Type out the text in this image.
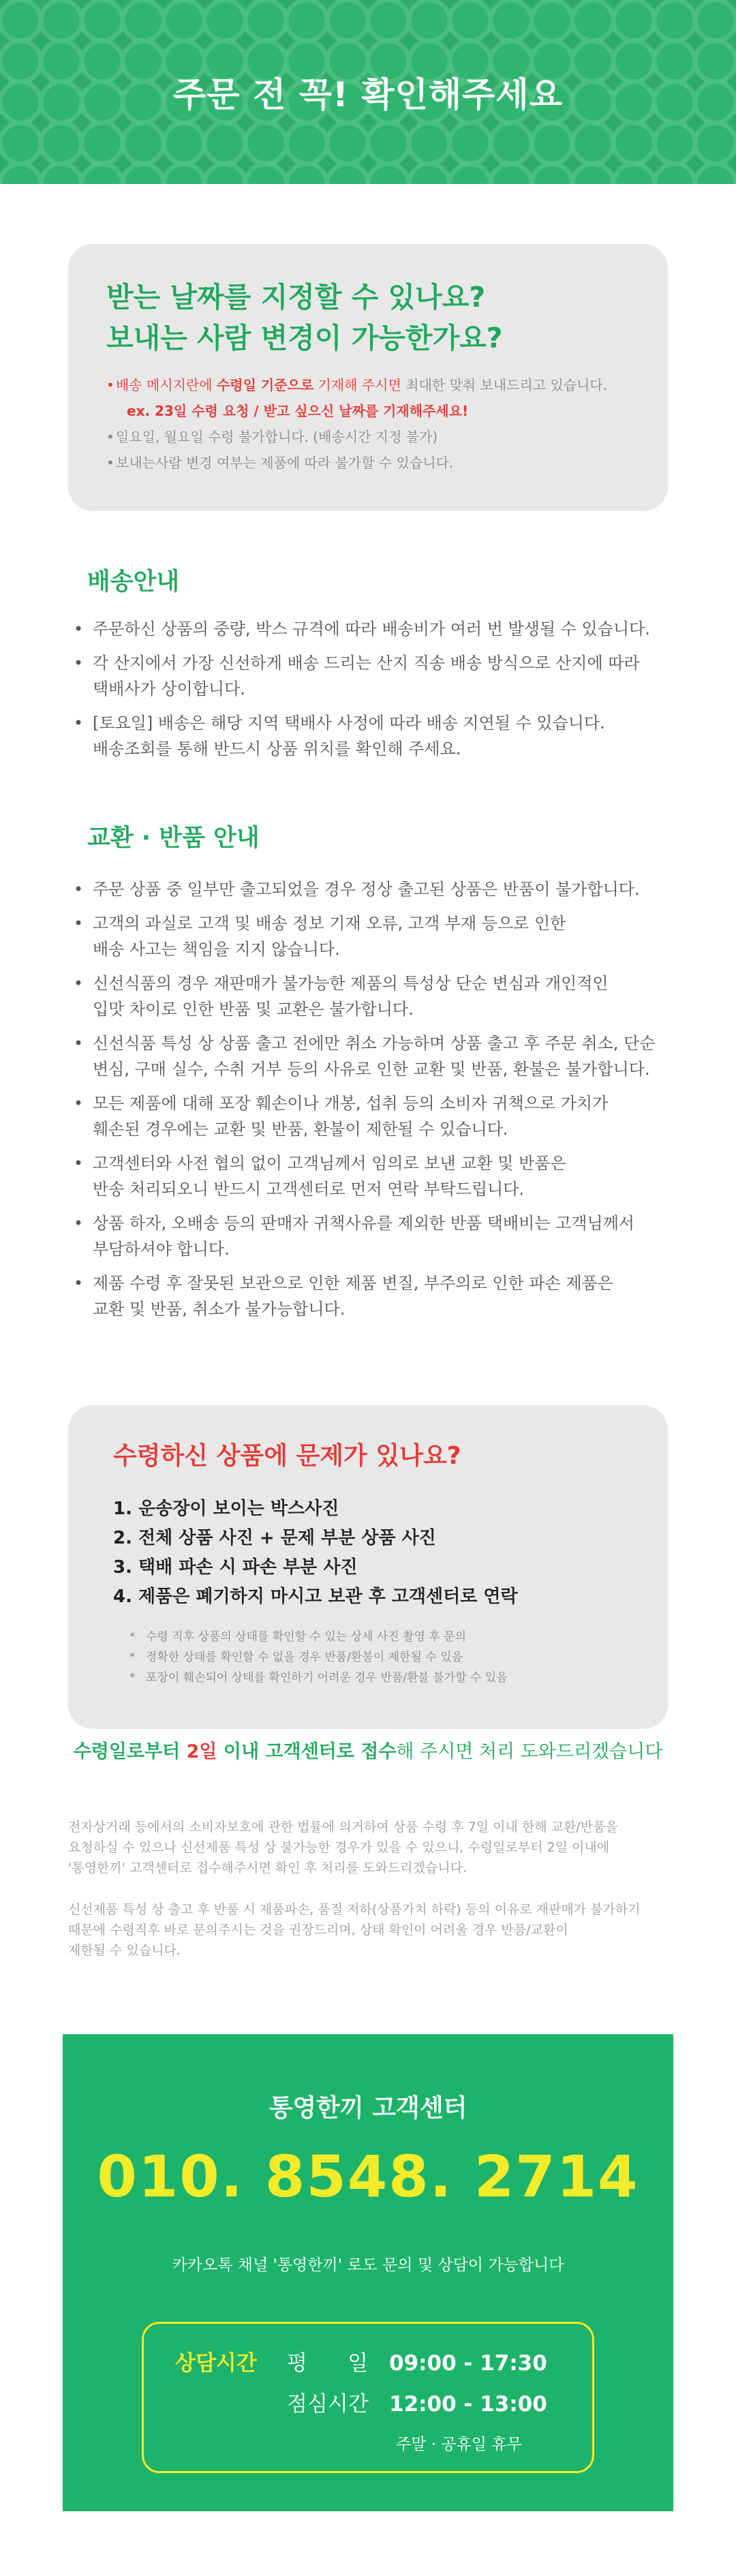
주문 전 꼭! 확인해주세요
받는 날짜를 지정할 수 있나요?
보내는 사람 변경이 가능한가요?
• 배송 메시지란에 수령일 기준으로 기재해 주시면 최대한 맞춰 보내드리고 있습니다.
ex. 23일 수령 요청 / 받고 싶으신 날짜를 기재해주세요!
• 일요일, 월요일 수령 불가합니다. (배송시간 지정 불가)
• 보내는사람 변경 여부는 제품에 따라 불가할 수 있습니다.
배송안내
• 주문하신 상품의 중량, 박스 규격에 따라 배송비가 여러 번 발생될 수 있습니다.
• 각 산지에서 가장 신선하게 배송 드리는 산지 직송 배송 방식으로 산지에 따라
택배사가 상이합니다.
• [토요일] 배송은 해당 지역 택배사 사정에 따라 배송 지연될 수 있습니다.
배송조회를 통해 반드시 상품 위치를 확인해 주세요.
교환 · 반품 안내
• 주문 상품 중 일부만 출고되었을 경우 정상 출고된 상품은 반품이 불가합니다.
• 고객의 과실로 고객 및 배송 정보 기재 오류, 고객 부재 등으로 인한
배송 사고는 책임을 지지 않습니다.
• 신선식품의 경우 재판매가 불가능한 제품의 특성상 단순 변심과 개인적인
입맛 차이로 인한 반품 및 교환은 불가합니다.
• 신선식품 특성 상 상품 출고 전에만 취소 가능하며 상품 출고 후 주문 취소, 단순
변심, 구매 실수, 수취 거부 등의 사유로 인한 교환 및 반품, 환불은 불가합니다.
• 모든 제품에 대해 포장 훼손이나 개봉, 섭취 등의 소비자 귀책으로 가치가
훼손된 경우에는 교환 및 반품, 환불이 제한될 수 있습니다.
• 고객센터와 사전 협의 없이 고객님께서 임의로 보낸 교환 및 반품은
반송 처리되오니 반드시 고객센터로 먼저 연락 부탁드립니다.
• 상품 하자, 오배송 등의 판매자 귀책사유를 제외한 반품 택배비는 고객님께서
부담하셔야 합니다.
• 제품 수령 후 잘못된 보관으로 인한 제품 변질, 부주의로 인한 파손 제품은
교환 및 반품, 취소가 불가능합니다.
수령하신 상품에 문제가 있나요?
1. 운송장이 보이는 박스사진
2. 전체 상품 사진 + 문제 부분 상품 사진
3. 택배 파손 시 파손 부분 사진
4. 제품은 폐기하지 마시고 보관 후 고객센터로 연락
* 수령 직후 상품의 상태를 확인할 수 있는 상세 사진 촬영 후 문의
* 정확한 상태를 확인할 수 없을 경우 반품/환불이 제한될 수 있음
* 포장이 훼손되어 상태를 확인하기 어려운 경우 반품/환불 불가할 수 있음
수령일로부터 2일 이내 고객센터로 접수해 주시면 처리 도와드리겠습니다
전자상거래 등에서의 소비자보호에 관한 법률에 의거하여 상품 수령 후 7일 이내 한해 교환/반품을
요청하실 수 있으나 신선제품 특성 상 불가능한 경우가 있을 수 있으니, 수령일로부터 2일 이내에
'통영한끼' 고객센터로 접수해주시면 확인 후 처리를 도와드리겠습니다.
신선제품 특성 상 출고 후 반품 시 제품파손, 품질 저하(상품가치 하락) 등의 이유로 재판매가 불가하기
때문에 수령직후 바로 문의주시는 것을 권장드리며, 상태 확인이 어려울 경우 반품/교환이
제한될 수 있습니다.
통영한끼 고객센터
010. 8548. 2714
카카오톡 채널 '통영한끼' 로도 문의 및 상담이 가능합니다
상담시간 평      일 09:00 - 17:30
점심시간 12:00 - 13:00
주말 · 공휴일 휴무
